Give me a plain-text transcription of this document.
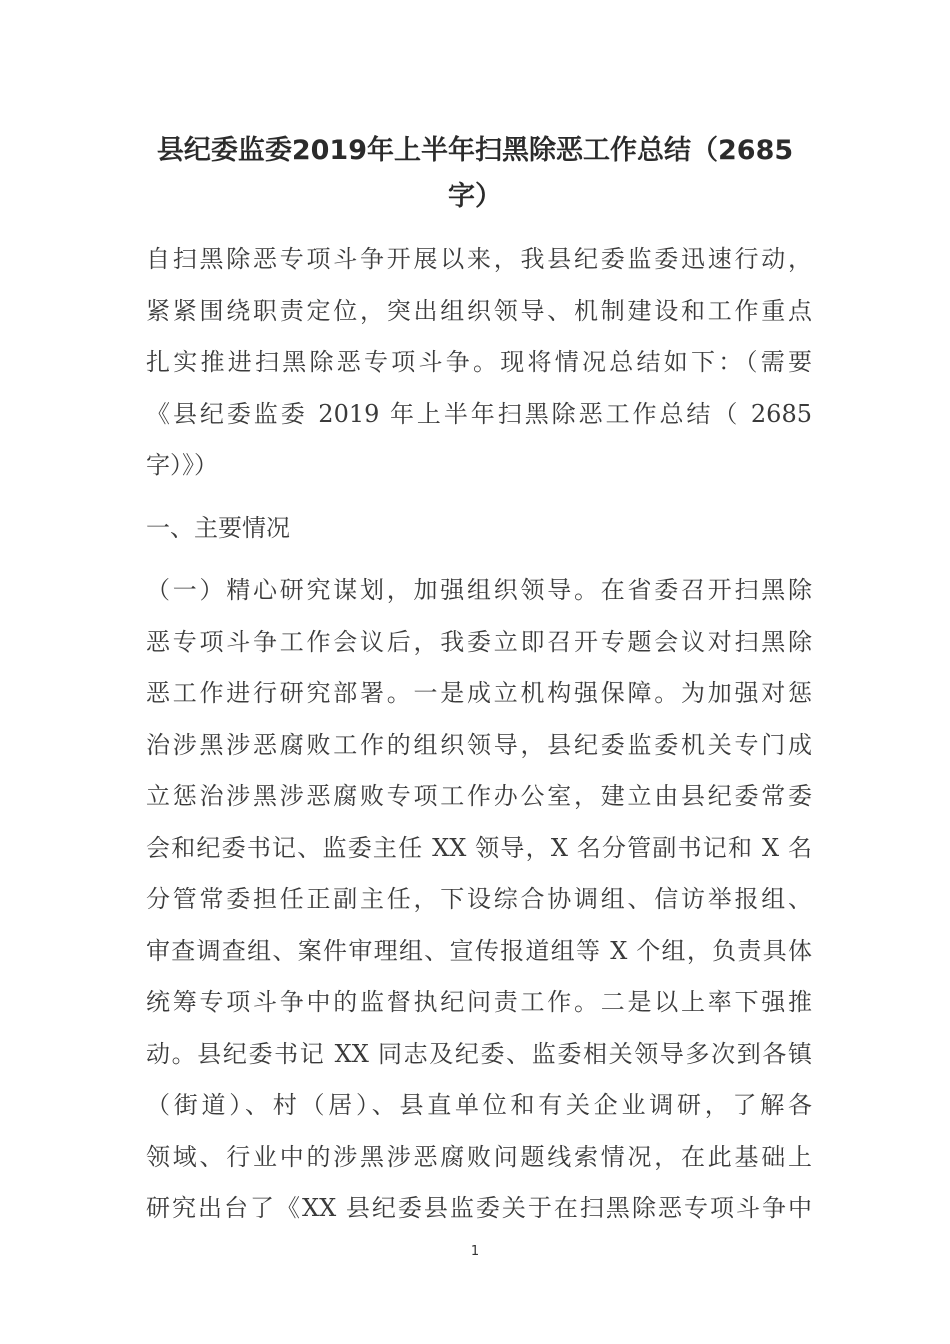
县纪委监委2019年上半年扫黑除恶工作总结（2685
字）
自扫黑除恶专项斗争开展以来，我县纪委监委迅速行动，
紧紧围绕职责定位，突出组织领导、机制建设和工作重点
扎实推进扫黑除恶专项斗争。现将情况总结如下：（需要
《县纪委监委 2019 年上半年扫黑除恶工作总结（ 2685
字）》）
一、主要情况
（一）精心研究谋划，加强组织领导。在省委召开扫黑除
恶专项斗争工作会议后，我委立即召开专题会议对扫黑除
恶工作进行研究部署。一是成立机构强保障。为加强对惩
治涉黑涉恶腐败工作的组织领导，县纪委监委机关专门成
立惩治涉黑涉恶腐败专项工作办公室，建立由县纪委常委
会和纪委书记、监委主任 XX 领导，X 名分管副书记和 X 名
分管常委担任正副主任，下设综合协调组、信访举报组、
审查调查组、案件审理组、宣传报道组等 X 个组，负责具体
统筹专项斗争中的监督执纪问责工作。二是以上率下强推
动。县纪委书记 XX 同志及纪委、监委相关领导多次到各镇
（街道）、村（居）、县直单位和有关企业调研，了解各
领域、行业中的涉黑涉恶腐败问题线索情况，在此基础上
研究出台了《XX 县纪委县监委关于在扫黑除恶专项斗争中
1
